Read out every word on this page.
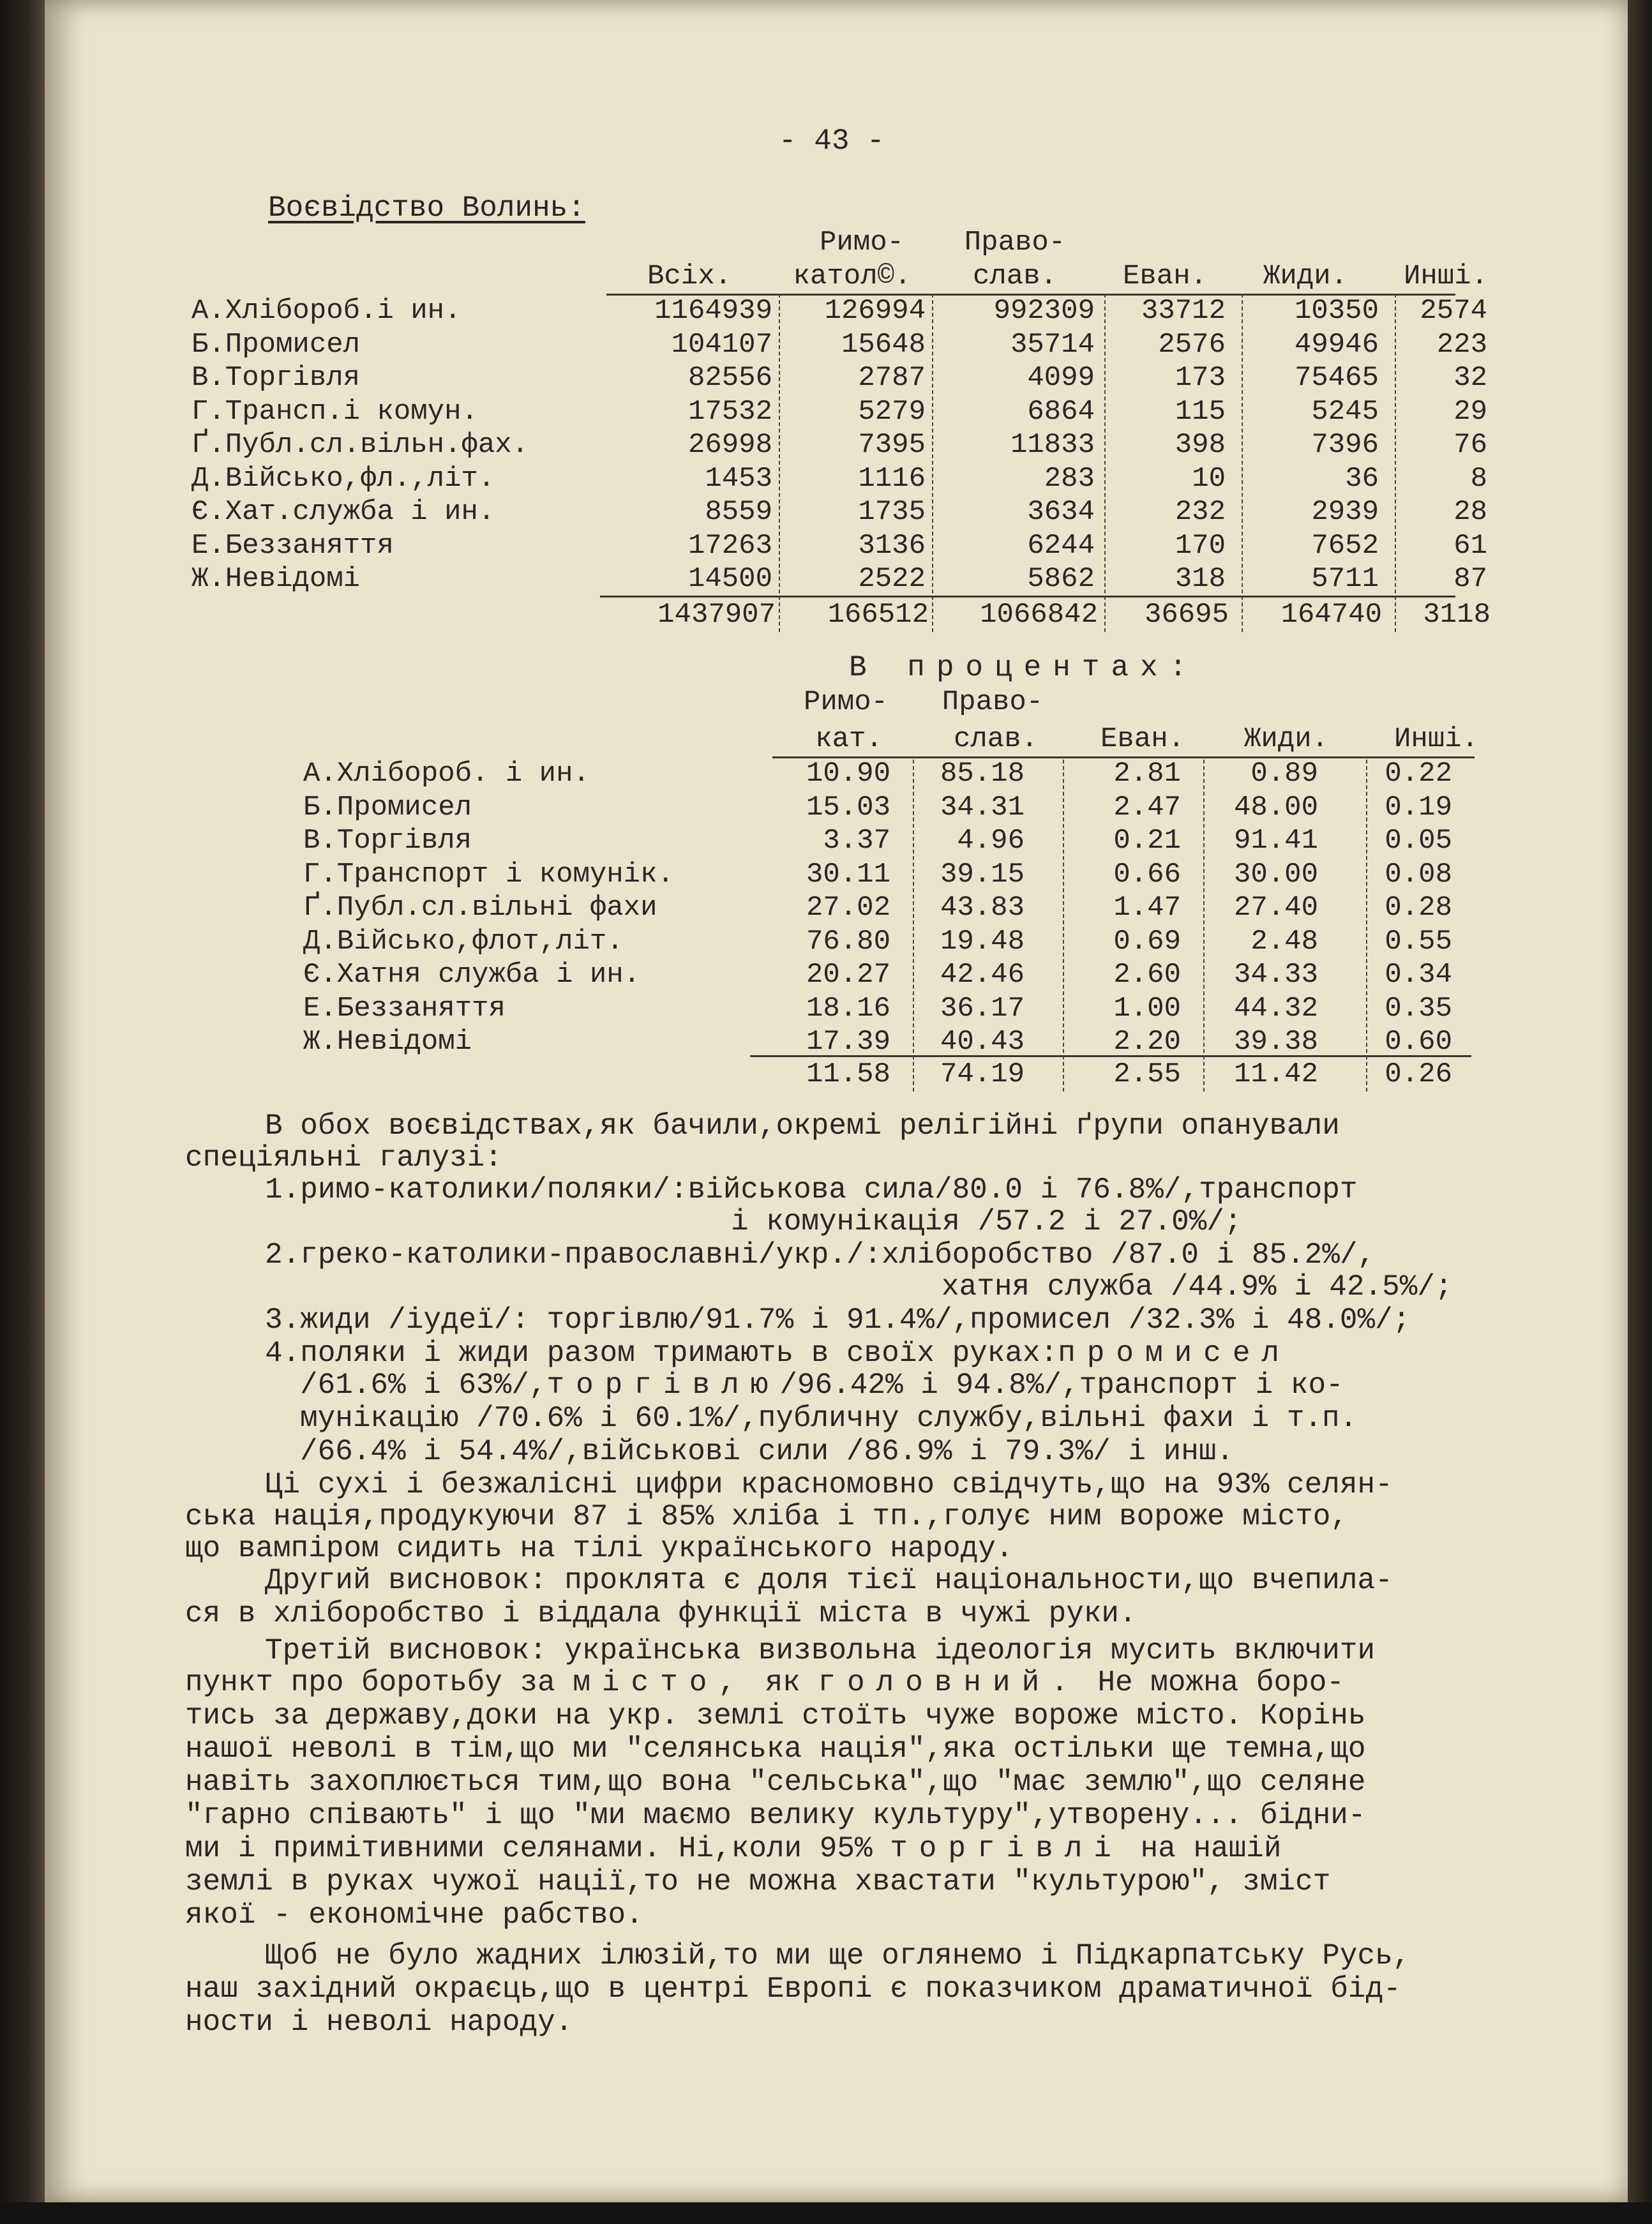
- 43 -
Воєвідство Волинь:
Римо-	Право-
Всіх.	катол©.	слав.	Еван.	Жиди.	Инші.
А.Хлібороб.і ин.	1164939	126994	992309	33712	10350	2574
Б.Промисел	104107	15648	35714	2576	49946	223
В.Торгівля	82556	2787	4099	173	75465	32
Г.Трансп.і комун.	17532	5279	6864	115	5245	29
Ґ.Публ.сл.вільн.фах.	26998	7395	11833	398	7396	76
Д.Військо,фл.,літ.	1453	1116	283	10	36	8
Є.Хат.служба і ин.	8559	1735	3634	232	2939	28
Е.Беззаняття	17263	3136	6244	170	7652	61
Ж.Невідомі	14500	2522	5862	318	5711	87
1437907	166512	1066842	36695	164740	3118
В процентах:
Римо-	Право-
кат.	слав.	Еван.	Жиди.	Инші.
А.Хлібороб. і ин.	10.90	85.18	2.81	0.89	0.22
Б.Промисел	15.03	34.31	2.47	48.00	0.19
В.Торгівля	3.37	4.96	0.21	91.41	0.05
Г.Транспорт і комунік.	30.11	39.15	0.66	30.00	0.08
Ґ.Публ.сл.вільні фахи	27.02	43.83	1.47	27.40	0.28
Д.Військо,флот,літ.	76.80	19.48	0.69	2.48	0.55
Є.Хатня служба і ин.	20.27	42.46	2.60	34.33	0.34
Е.Беззаняття	18.16	36.17	1.00	44.32	0.35
Ж.Невідомі	17.39	40.43	2.20	39.38	0.60
11.58	74.19	2.55	11.42	0.26
В обох воєвідствах,як бачили,окремі релігійні ґрупи опанували
спеціяльні галузі:
1.римо-католики/поляки/:військова сила/80.0 і 76.8%/,транспорт
і комунікація /57.2 і 27.0%/;
2.греко-католики-православні/укр./:хліборобство /87.0 і 85.2%/,
хатня служба /44.9% і 42.5%/;
3.жиди /іудеї/: торгівлю/91.7% і 91.4%/,промисел /32.3% і 48.0%/;
4.поляки і жиди разом тримають в своїх руках:промисел
/61.6% і 63%/,торгівлю/96.42% і 94.8%/,транспорт і ко-
мунікацію /70.6% і 60.1%/,публичну службу,вільні фахи і т.п.
/66.4% і 54.4%/,військові сили /86.9% і 79.3%/ і инш.
Ці сухі і безжалісні цифри красномовно свідчуть,що на 93% селян-
ська нація,продукуючи 87 і 85% хліба і тп.,голує ним вороже місто,
що вампіром сидить на тілі українського народу.
Другий висновок: проклята є доля тієї національности,що вчепила-
ся в хліборобство і віддала функції міста в чужі руки.
Третій висновок: українська визвольна ідеологія мусить включити
пункт про боротьбу за місто, як головний. Не можна боро-
тись за державу,доки на укр. землі стоїть чуже вороже місто. Корінь
нашої неволі в тім,що ми "селянська нація",яка остільки ще темна,що
навіть захоплюється тим,що вона "сельська",що "має землю",що селяне
"гарно співають" і що "ми маємо велику культуру",утворену... бідни-
ми і примітивними селянами. Ні,коли 95% торгівлі на нашій
землі в руках чужої нації,то не можна хвастати "культурою", зміст
якої - економічне рабство.
Щоб не було жадних ілюзій,то ми ще оглянемо і Підкарпатську Русь,
наш західний окраєць,що в центрі Европі є показчиком драматичної бід-
ности і неволі народу.
